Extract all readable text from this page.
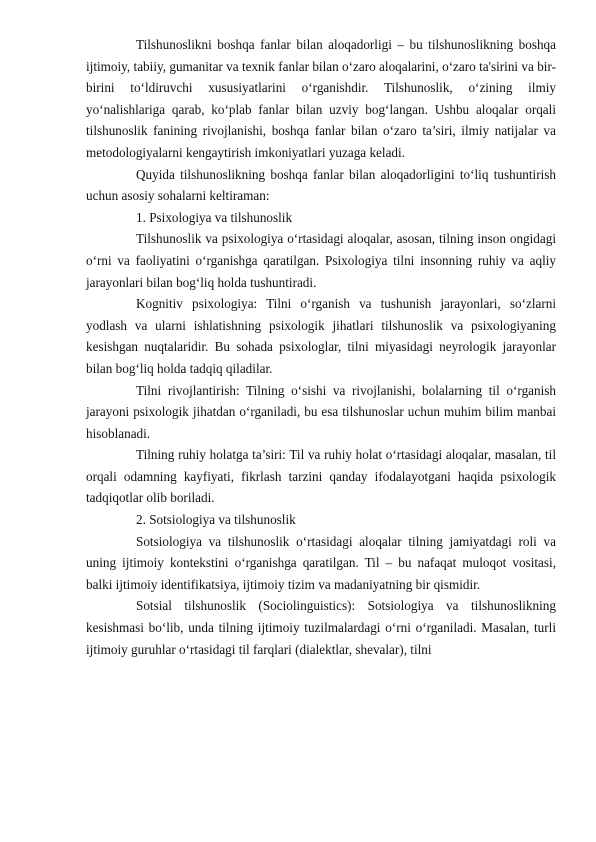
Tilshunoslikni boshqa fanlar bilan aloqadorligi – bu tilshunoslikning boshqa ijtimoiy, tabiiy, gumanitar va texnik fanlar bilan o‘zaro aloqalarini, o‘zaro ta'sirini va bir-birini to‘ldiruvchi xususiyatlarini o‘rganishdir. Tilshunoslik, o‘zining ilmiy yo‘nalishlariga qarab, ko‘plab fanlar bilan uzviy bog‘langan. Ushbu aloqalar orqali tilshunoslik fanining rivojlanishi, boshqa fanlar bilan o‘zaro ta’siri, ilmiy natijalar va metodologiyalarni kengaytirish imkoniyatlari yuzaga keladi.

Quyida tilshunoslikning boshqa fanlar bilan aloqadorligini to‘liq tushuntirish uchun asosiy sohalarni keltiraman:

1. Psixologiya va tilshunoslik

Tilshunoslik va psixologiya o‘rtasidagi aloqalar, asosan, tilning inson ongidagi o‘rni va faoliyatini o‘rganishga qaratilgan. Psixologiya tilni insonning ruhiy va aqliy jarayonlari bilan bog‘liq holda tushuntiradi.

Kognitiv psixologiya: Tilni o‘rganish va tushunish jarayonlari, so‘zlarni yodlash va ularni ishlatishning psixologik jihatlari tilshunoslik va psixologiyaning kesishgan nuqtalaridir. Bu sohada psixologlar, tilni miyasidagi neyrologik jarayonlar bilan bog‘liq holda tadqiq qiladilar.

Tilni rivojlantirish: Tilning o‘sishi va rivojlanishi, bolalarning til o‘rganish jarayoni psixologik jihatdan o‘rganiladi, bu esa tilshunoslar uchun muhim bilim manbai hisoblanadi.

Tilning ruhiy holatga ta’siri: Til va ruhiy holat o‘rtasidagi aloqalar, masalan, til orqali odamning kayfiyati, fikrlash tarzini qanday ifodalayotgani haqida psixologik tadqiqotlar olib boriladi.

2. Sotsiologiya va tilshunoslik

Sotsiologiya va tilshunoslik o‘rtasidagi aloqalar tilning jamiyatdagi roli va uning ijtimoiy kontekstini o‘rganishga qaratilgan. Til – bu nafaqat muloqot vositasi, balki ijtimoiy identifikatsiya, ijtimoiy tizim va madaniyatning bir qismidir.

Sotsial tilshunoslik (Sociolinguistics): Sotsiologiya va tilshunoslikning kesishmasi bo‘lib, unda tilning ijtimoiy tuzilmalardagi o‘rni o‘rganiladi. Masalan, turli ijtimoiy guruhlar o‘rtasidagi til farqlari (dialektlar, shevalar), tilni
